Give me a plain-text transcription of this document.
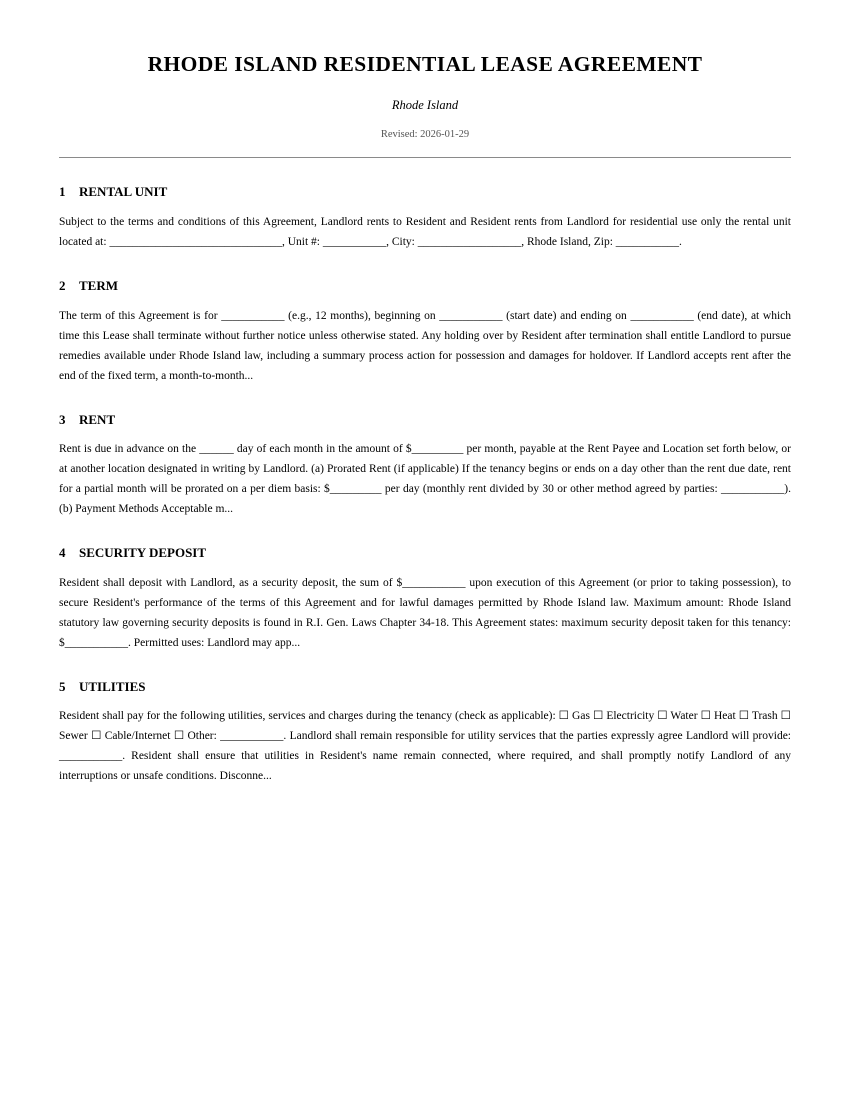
RHODE ISLAND RESIDENTIAL LEASE AGREEMENT
Rhode Island
Revised: 2026-01-29
1 RENTAL UNIT

Subject to the terms and conditions of this Agreement, Landlord rents to Resident and Resident rents from Landlord for residential use only the rental unit located at: ______________________________, Unit #: ___________, City: __________________, Rhode Island, Zip: ___________.

2 TERM

The term of this Agreement is for ___________ (e.g., 12 months), beginning on ___________ (start date) and ending on ___________ (end date), at which time this Lease shall terminate without further notice unless otherwise stated. Any holding over by Resident after termination shall entitle Landlord to pursue remedies available under Rhode Island law, including a summary process action for possession and damages for holdover. If Landlord accepts rent after the end of the fixed term, a month-to-month...

3 RENT

Rent is due in advance on the ______ day of each month in the amount of $_________ per month, payable at the Rent Payee and Location set forth below, or at another location designated in writing by Landlord. (a) Prorated Rent (if applicable) If the tenancy begins or ends on a day other than the rent due date, rent for a partial month will be prorated on a per diem basis: $_________ per day (monthly rent divided by 30 or other method agreed by parties: ___________). (b) Payment Methods Acceptable m...

4 SECURITY DEPOSIT

Resident shall deposit with Landlord, as a security deposit, the sum of $___________ upon execution of this Agreement (or prior to taking possession), to secure Resident's performance of the terms of this Agreement and for lawful damages permitted by Rhode Island law. Maximum amount: Rhode Island statutory law governing security deposits is found in R.I. Gen. Laws Chapter 34-18. This Agreement states: maximum security deposit taken for this tenancy: $___________. Permitted uses: Landlord may app...

5 UTILITIES

Resident shall pay for the following utilities, services and charges during the tenancy (check as applicable): ☐ Gas ☐ Electricity ☐ Water ☐ Heat ☐ Trash ☐ Sewer ☐ Cable/Internet ☐ Other: ___________. Landlord shall remain responsible for utility services that the parties expressly agree Landlord will provide: ___________. Resident shall ensure that utilities in Resident's name remain connected, where required, and shall promptly notify Landlord of any interruptions or unsafe conditions. Disconne...
